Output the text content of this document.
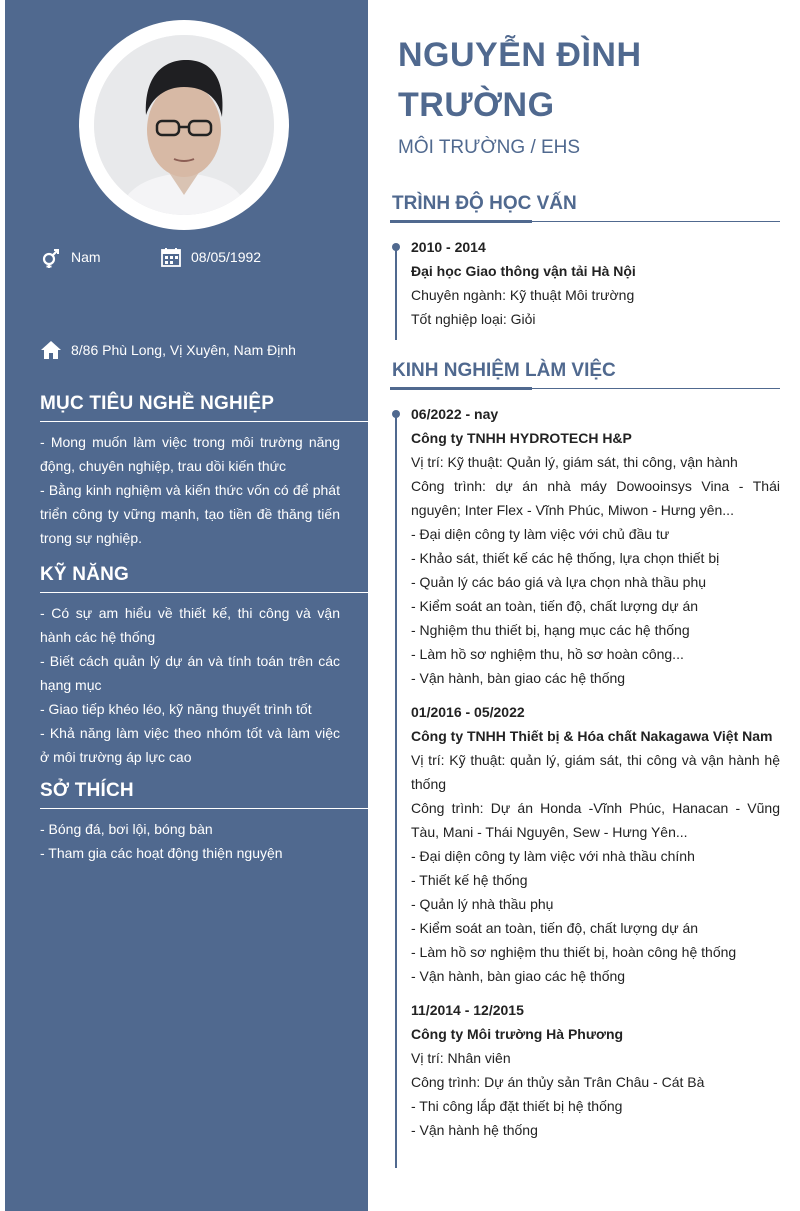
Nam	08/05/1992
8/86 Phù Long, Vị Xuyên, Nam Định
MỤC TIÊU NGHỀ NGHIỆP
- Mong muốn làm việc trong môi trường năng động, chuyên nghiệp, trau dồi kiến thức
- Bằng kinh nghiệm và kiến thức vốn có để phát triển công ty vững mạnh, tạo tiền đề thăng tiến trong sự nghiệp.
KỸ NĂNG
- Có sự am hiểu về thiết kế, thi công và vận hành các hệ thống
- Biết cách quản lý dự án và tính toán trên các hạng mục
- Giao tiếp khéo léo, kỹ năng thuyết trình tốt
- Khả năng làm việc theo nhóm tốt và làm việc ở môi trường áp lực cao
SỞ THÍCH
- Bóng đá, bơi lội, bóng bàn
- Tham gia các hoạt động thiện nguyện
NGUYỄN ĐÌNH
TRƯỜNG
MÔI TRƯỜNG / EHS
TRÌNH ĐỘ HỌC VẤN
2010 - 2014
Đại học Giao thông vận tải Hà Nội
Chuyên ngành: Kỹ thuật Môi trường
Tốt nghiệp loại: Giỏi
KINH NGHIỆM LÀM VIỆC
06/2022 - nay
Công ty TNHH HYDROTECH H&P
Vị trí: Kỹ thuật: Quản lý, giám sát, thi công, vận hành
Công trình: dự án nhà máy Dowooinsys Vina - Thái nguyên; Inter Flex - Vĩnh Phúc, Miwon - Hưng yên...
- Đại diện công ty làm việc với chủ đầu tư
- Khảo sát, thiết kế các hệ thống, lựa chọn thiết bị
- Quản lý các báo giá và lựa chọn nhà thầu phụ
- Kiểm soát an toàn, tiến độ, chất lượng dự án
- Nghiệm thu thiết bị, hạng mục các hệ thống
- Làm hồ sơ nghiệm thu, hồ sơ hoàn công...
- Vận hành, bàn giao các hệ thống
01/2016 - 05/2022
Công ty TNHH Thiết bị & Hóa chất Nakagawa Việt Nam
Vị trí: Kỹ thuật: quản lý, giám sát, thi công và vận hành hệ thống
Công trình: Dự án Honda -Vĩnh Phúc, Hanacan - Vũng Tàu, Mani - Thái Nguyên, Sew - Hưng Yên...
- Đại diện công ty làm việc với nhà thầu chính
- Thiết kế hệ thống
- Quản lý nhà thầu phụ
- Kiểm soát an toàn, tiến độ, chất lượng dự án
- Làm hồ sơ nghiệm thu thiết bị, hoàn công hệ thống
- Vận hành, bàn giao các hệ thống
11/2014 - 12/2015
Công ty Môi trường Hà Phương
Vị trí: Nhân viên
Công trình: Dự án thủy sản Trân Châu - Cát Bà
- Thi công lắp đặt thiết bị hệ thống
- Vận hành hệ thống
